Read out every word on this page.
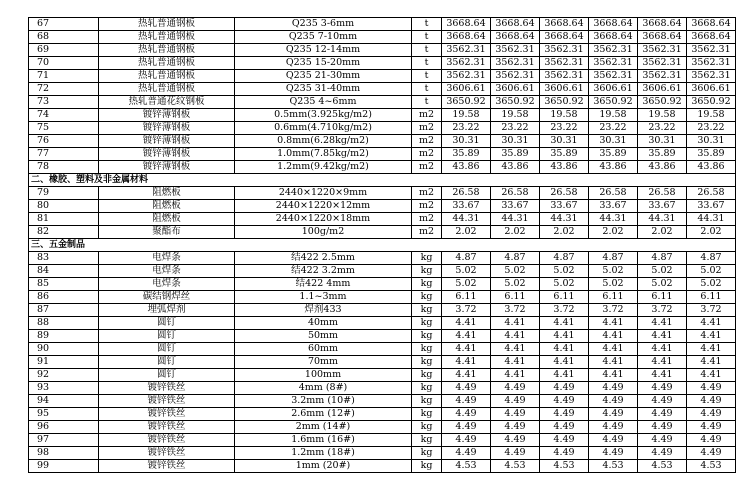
67	热轧普通钢板	Q235 3-6mm	t	3668.64	3668.64	3668.64	3668.64	3668.64	3668.64
68	热轧普通钢板	Q235 7-10mm	t	3668.64	3668.64	3668.64	3668.64	3668.64	3668.64
69	热轧普通钢板	Q235 12-14mm	t	3562.31	3562.31	3562.31	3562.31	3562.31	3562.31
70	热轧普通钢板	Q235 15-20mm	t	3562.31	3562.31	3562.31	3562.31	3562.31	3562.31
71	热轧普通钢板	Q235 21-30mm	t	3562.31	3562.31	3562.31	3562.31	3562.31	3562.31
72	热轧普通钢板	Q235 31-40mm	t	3606.61	3606.61	3606.61	3606.61	3606.61	3606.61
73	热轧普通花纹钢板	Q235 4~6mm	t	3650.92	3650.92	3650.92	3650.92	3650.92	3650.92
74	镀锌薄钢板	0.5mm(3.925kg/m2)	m2	19.58	19.58	19.58	19.58	19.58	19.58
75	镀锌薄钢板	0.6mm(4.710kg/m2)	m2	23.22	23.22	23.22	23.22	23.22	23.22
76	镀锌薄钢板	0.8mm(6.28kg/m2)	m2	30.31	30.31	30.31	30.31	30.31	30.31
77	镀锌薄钢板	1.0mm(7.85kg/m2)	m2	35.89	35.89	35.89	35.89	35.89	35.89
78	镀锌薄钢板	1.2mm(9.42kg/m2)	m2	43.86	43.86	43.86	43.86	43.86	43.86
二、橡胶、塑料及非金属材料									
79	阻燃板	2440×1220×9mm	m2	26.58	26.58	26.58	26.58	26.58	26.58
80	阻燃板	2440×1220×12mm	m2	33.67	33.67	33.67	33.67	33.67	33.67
81	阻燃板	2440×1220×18mm	m2	44.31	44.31	44.31	44.31	44.31	44.31
82	聚酯布	100g/m2	m2	2.02	2.02	2.02	2.02	2.02	2.02
三、五金制品									
83	电焊条	结422 2.5mm	kg	4.87	4.87	4.87	4.87	4.87	4.87
84	电焊条	结422 3.2mm	kg	5.02	5.02	5.02	5.02	5.02	5.02
85	电焊条	结422 4mm	kg	5.02	5.02	5.02	5.02	5.02	5.02
86	碳结钢焊丝	1.1~3mm	kg	6.11	6.11	6.11	6.11	6.11	6.11
87	埋弧焊剂	焊剂433	kg	3.72	3.72	3.72	3.72	3.72	3.72
88	圆钉	40mm	kg	4.41	4.41	4.41	4.41	4.41	4.41
89	圆钉	50mm	kg	4.41	4.41	4.41	4.41	4.41	4.41
90	圆钉	60mm	kg	4.41	4.41	4.41	4.41	4.41	4.41
91	圆钉	70mm	kg	4.41	4.41	4.41	4.41	4.41	4.41
92	圆钉	100mm	kg	4.41	4.41	4.41	4.41	4.41	4.41
93	镀锌铁丝	4mm (8#)	kg	4.49	4.49	4.49	4.49	4.49	4.49
94	镀锌铁丝	3.2mm (10#)	kg	4.49	4.49	4.49	4.49	4.49	4.49
95	镀锌铁丝	2.6mm (12#)	kg	4.49	4.49	4.49	4.49	4.49	4.49
96	镀锌铁丝	2mm (14#)	kg	4.49	4.49	4.49	4.49	4.49	4.49
97	镀锌铁丝	1.6mm (16#)	kg	4.49	4.49	4.49	4.49	4.49	4.49
98	镀锌铁丝	1.2mm (18#)	kg	4.49	4.49	4.49	4.49	4.49	4.49
99	镀锌铁丝	1mm (20#)	kg	4.53	4.53	4.53	4.53	4.53	4.53
